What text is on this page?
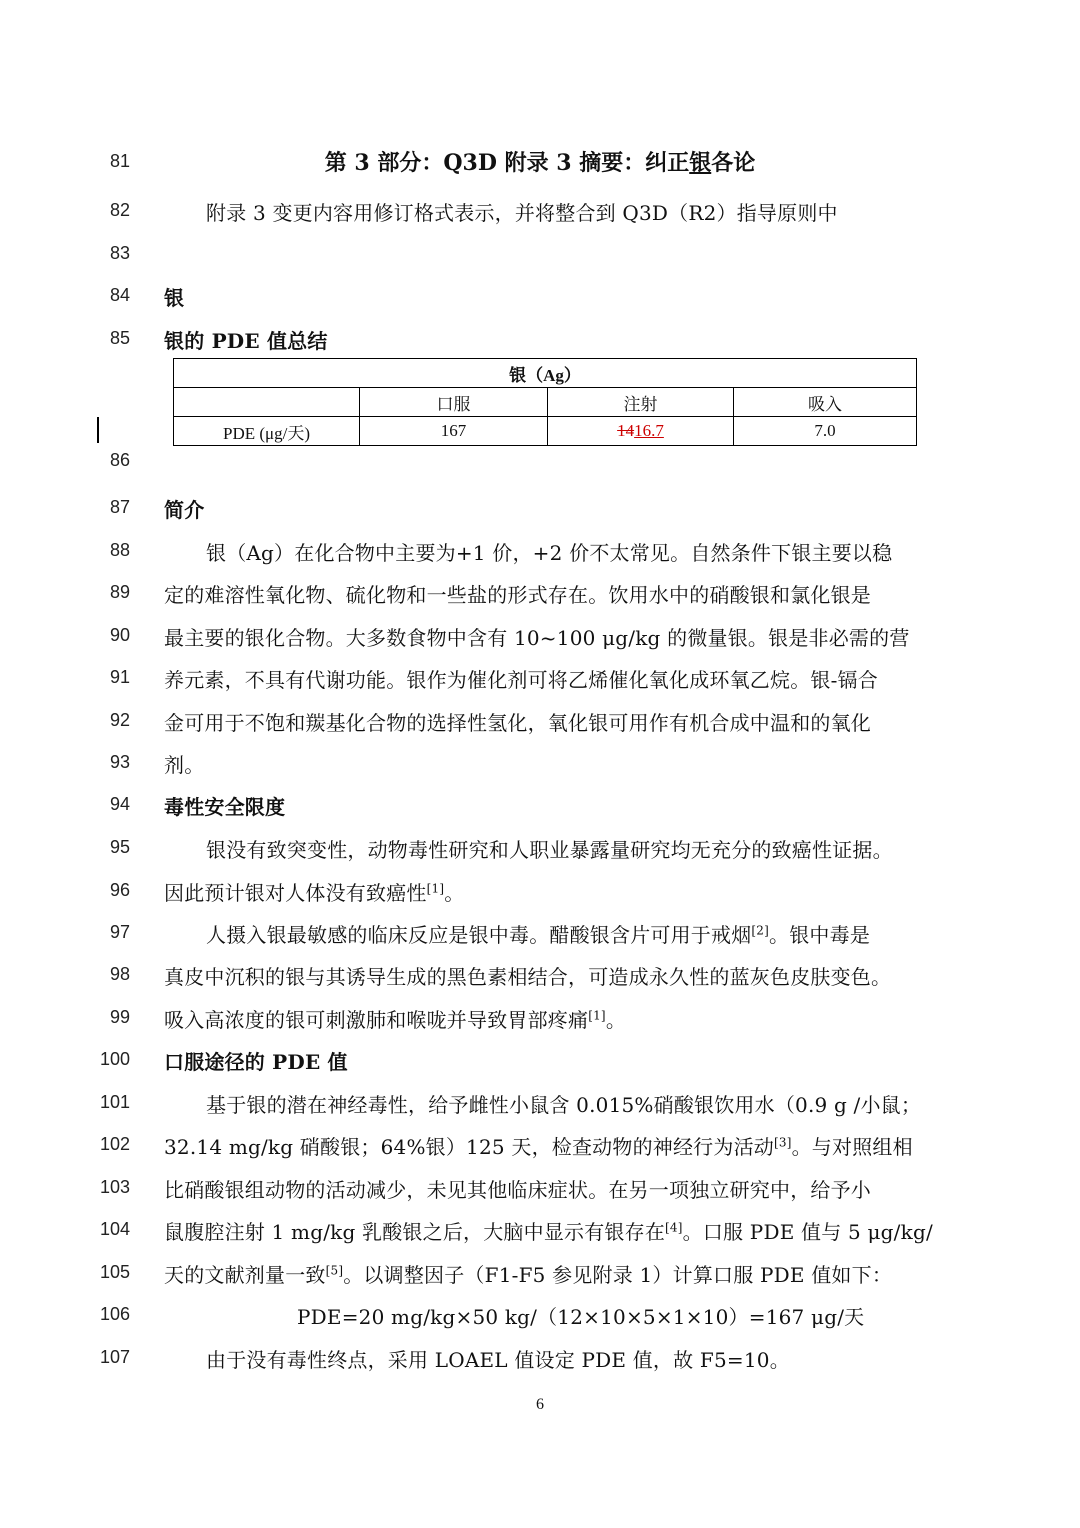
81
82
83
84
85
86
87
88
89
90
91
92
93
94
95
96
97
98
99
100
101
102
103
104
105
106
107
第 3 部分：Q3D 附录 3 摘要：纠正银各论
附录 3 变更内容用修订格式表示，并将整合到 Q3D（R2）指导原则中
银
银的 PDE 值总结
银（Ag）			
	口服	注射	吸入
PDE (μg/天)	167	1416.7	7.0
简介
银（Ag）在化合物中主要为+1 价，+2 价不太常见。自然条件下银主要以稳
定的难溶性氧化物、硫化物和一些盐的形式存在。饮用水中的硝酸银和氯化银是
最主要的银化合物。大多数食物中含有 10~100 μg/kg 的微量银。银是非必需的营
养元素，不具有代谢功能。银作为催化剂可将乙烯催化氧化成环氧乙烷。银-镉合
金可用于不饱和羰基化合物的选择性氢化，氧化银可用作有机合成中温和的氧化
剂。
毒性安全限度
银没有致突变性，动物毒性研究和人职业暴露量研究均无充分的致癌性证据。
因此预计银对人体没有致癌性[1]。
人摄入银最敏感的临床反应是银中毒。醋酸银含片可用于戒烟[2]。银中毒是
真皮中沉积的银与其诱导生成的黑色素相结合，可造成永久性的蓝灰色皮肤变色。
吸入高浓度的银可刺激肺和喉咙并导致胃部疼痛[1]。
口服途径的 PDE 值
基于银的潜在神经毒性，给予雌性小鼠含 0.015%硝酸银饮用水（0.9 g /小鼠；
32.14 mg/kg 硝酸银；64%银）125 天，检查动物的神经行为活动[3]。与对照组相
比硝酸银组动物的活动减少，未见其他临床症状。在另一项独立研究中，给予小
鼠腹腔注射 1 mg/kg 乳酸银之后，大脑中显示有银存在[4]。口服 PDE 值与 5 μg/kg/
天的文献剂量一致[5]。以调整因子（F1-F5 参见附录 1）计算口服 PDE 值如下：
PDE=20 mg/kg×50 kg/（12×10×5×1×10）=167 μg/天
由于没有毒性终点，采用 LOAEL 值设定 PDE 值，故 F5=10。
6
